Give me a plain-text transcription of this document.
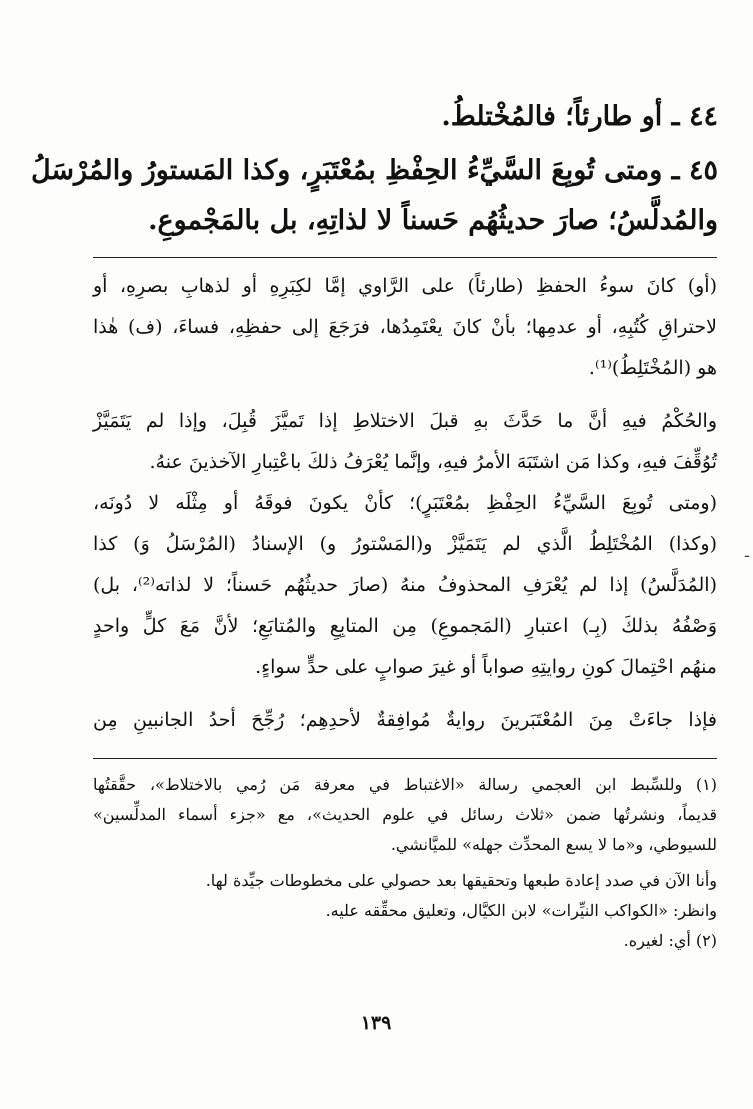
٤٤ ـ أو طارئاً؛ فالمُخْتلطُ.
٤٥ ـ ومتى تُوبِعَ السَّيِّءُ الحِفْظِ بمُعْتَبَرٍ، وكذا المَستورُ والمُرْسَلُ
والمُدلَّسُ؛ صارَ حديثُهُم حَسناً لا لذاتِهِ، بل بالمَجْموعِ.
(أو) كانَ سوءُ الحفظِ (طارئاً) على الرَّاوي إمَّا لكِبَرِهِ أو لذهابِ بصرِهِ، أو
لاحتراقِ كُتُبِهِ، أو عدمِها؛ بأنْ كانَ يعْتَمِدُها، فرَجَعَ إلى حفظِهِ، فساءَ، (ف) هٰذا
هو (المُخْتَلِطُ)⁽¹⁾.
والحُكْمُ فيهِ أنَّ ما حَدَّثَ بهِ قبلَ الاختلاطِ إذا تَميَّزَ قُبِلَ، وإذا لم يَتَمَيَّزْ
تُوُقِّفَ فيهِ، وكذا مَن اشتَبَهَ الأمرُ فيهِ، وإنَّما يُعْرَفُ ذلكَ باعْتِبارِ الآخذينَ عنهُ.
(ومتى تُوبِعَ السَّيِّءُ الحِفْظِ بمُعْتَبَرٍ)؛ كأنْ يكونَ فوقَهُ أو مِثْلَه لا دُونَه،
(وكذا) المُخْتَلِطُ الَّذي لم يَتَمَيَّزْ و(المَسْتورُ و) الإسنادُ (المُرْسَلُ وَ) كذا
(المُدَلَّسُ) إذا لم يُعْرَفِ المحذوفُ منهُ (صارَ حديثُهُم حَسناً؛ لا لذاته⁽²⁾، بل)
وَصْفُهُ بذلكَ (بِـ) اعتبارِ (المَجموعِ) مِن المتابِعِ والمُتابَعِ؛ لأنَّ مَعَ كلٍّ واحدٍ
منهُم احْتِمالَ كونِ روايتِهِ صواباً أو غيرَ صوابٍ على حدٍّ سواءٍ.
فإذا جاءَتْ مِنَ المُعْتَبَرينَ روايةٌ مُوافِقةٌ لأحدِهِم؛ رُجِّحَ أحدُ الجانبينِ مِن
ـ
(١) وللسِّبط ابن العجمي رسالة «الاغتباط في معرفة مَن رُمي بالاختلاط»، حقَّقتُها
قديماً، ونشرتُها ضمن «ثلاث رسائل في علوم الحديث»، مع «جزء أسماء المدلِّسين»
للسيوطي، و«ما لا يسع المحدِّث جهله» للميَّانشي.
وأنا الآن في صدد إعادة طبعها وتحقيقها بعد حصولي على مخطوطات جيِّدة لها.
وانظر: «الكواكب النيِّرات» لابن الكيَّال، وتعليق محقِّقه عليه.
(٢) أي: لغيره.
١٣٩
